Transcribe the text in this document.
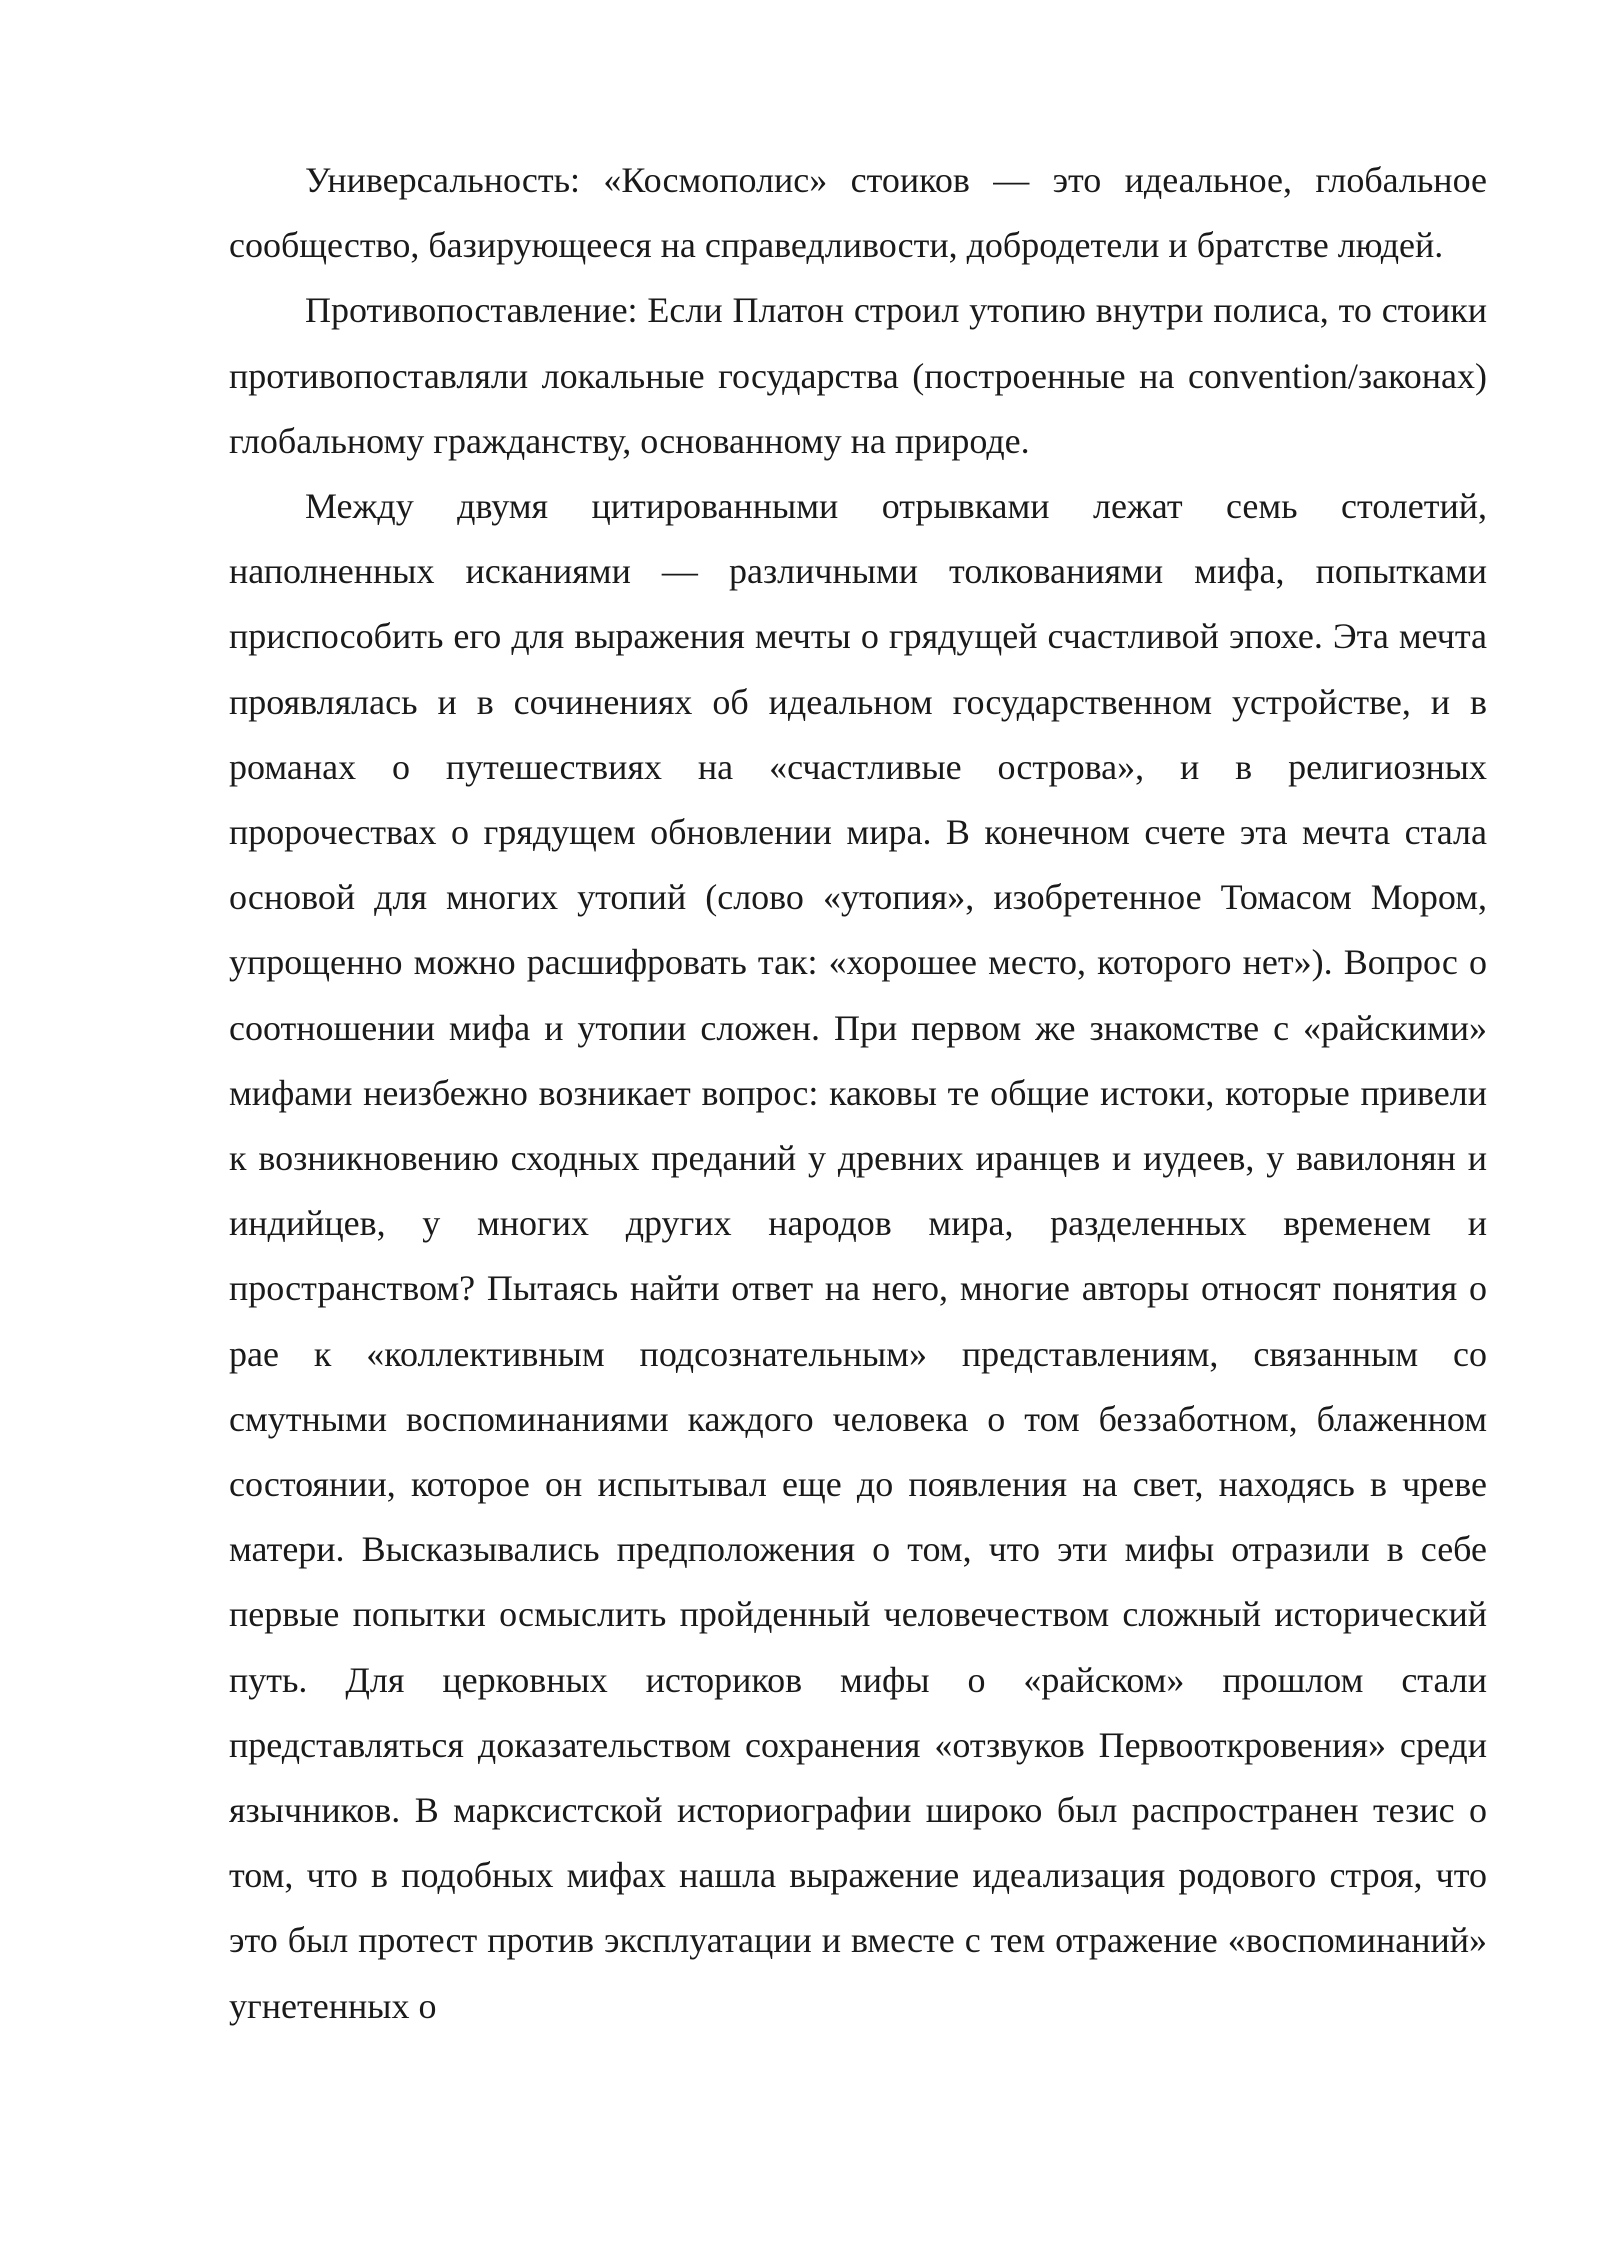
Универсальность: «Космополис» стоиков — это идеальное, глобальное сообщество, базирующееся на справедливости, добродетели и братстве людей.

Противопоставление: Если Платон строил утопию внутри полиса, то стоики противопоставляли локальные государства (построенные на convention/законах) глобальному гражданству, основанному на природе.

Между двумя цитированными отрывками лежат семь столетий, наполненных исканиями — различными толкованиями мифа, попытками приспособить его для выражения мечты о грядущей счастливой эпохе. Эта мечта проявлялась и в сочинениях об идеальном государственном устройстве, и в романах о путешествиях на «счастливые острова», и в религиозных пророчествах о грядущем обновлении мира. В конечном счете эта мечта стала основой для многих утопий (слово «утопия», изобретенное Томасом Мором, упрощенно можно расшифровать так: «хорошее место, которого нет»). Вопрос о соотношении мифа и утопии сложен. При первом же знакомстве с «райскими» мифами неизбежно возникает вопрос: каковы те общие истоки, которые привели к возникновению сходных преданий у древних иранцев и иудеев, у вавилонян и индийцев, у многих других народов мира, разделенных временем и пространством? Пытаясь найти ответ на него, многие авторы относят понятия о рае к «коллективным подсознательным» представлениям, связанным со смутными воспоминаниями каждого человека о том беззаботном, блаженном состоянии, которое он испытывал еще до появления на свет, находясь в чреве матери. Высказывались предположения о том, что эти мифы отразили в себе первые попытки осмыслить пройденный человечеством сложный исторический путь. Для церковных историков мифы о «райском» прошлом стали представляться доказательством сохранения «отзвуков Первооткровения» среди язычников. В марксистской историографии широко был распространен тезис о том, что в подобных мифах нашла выражение идеализация родового строя, что это был протест против эксплуатации и вместе с тем отражение «воспоминаний» угнетенных о
